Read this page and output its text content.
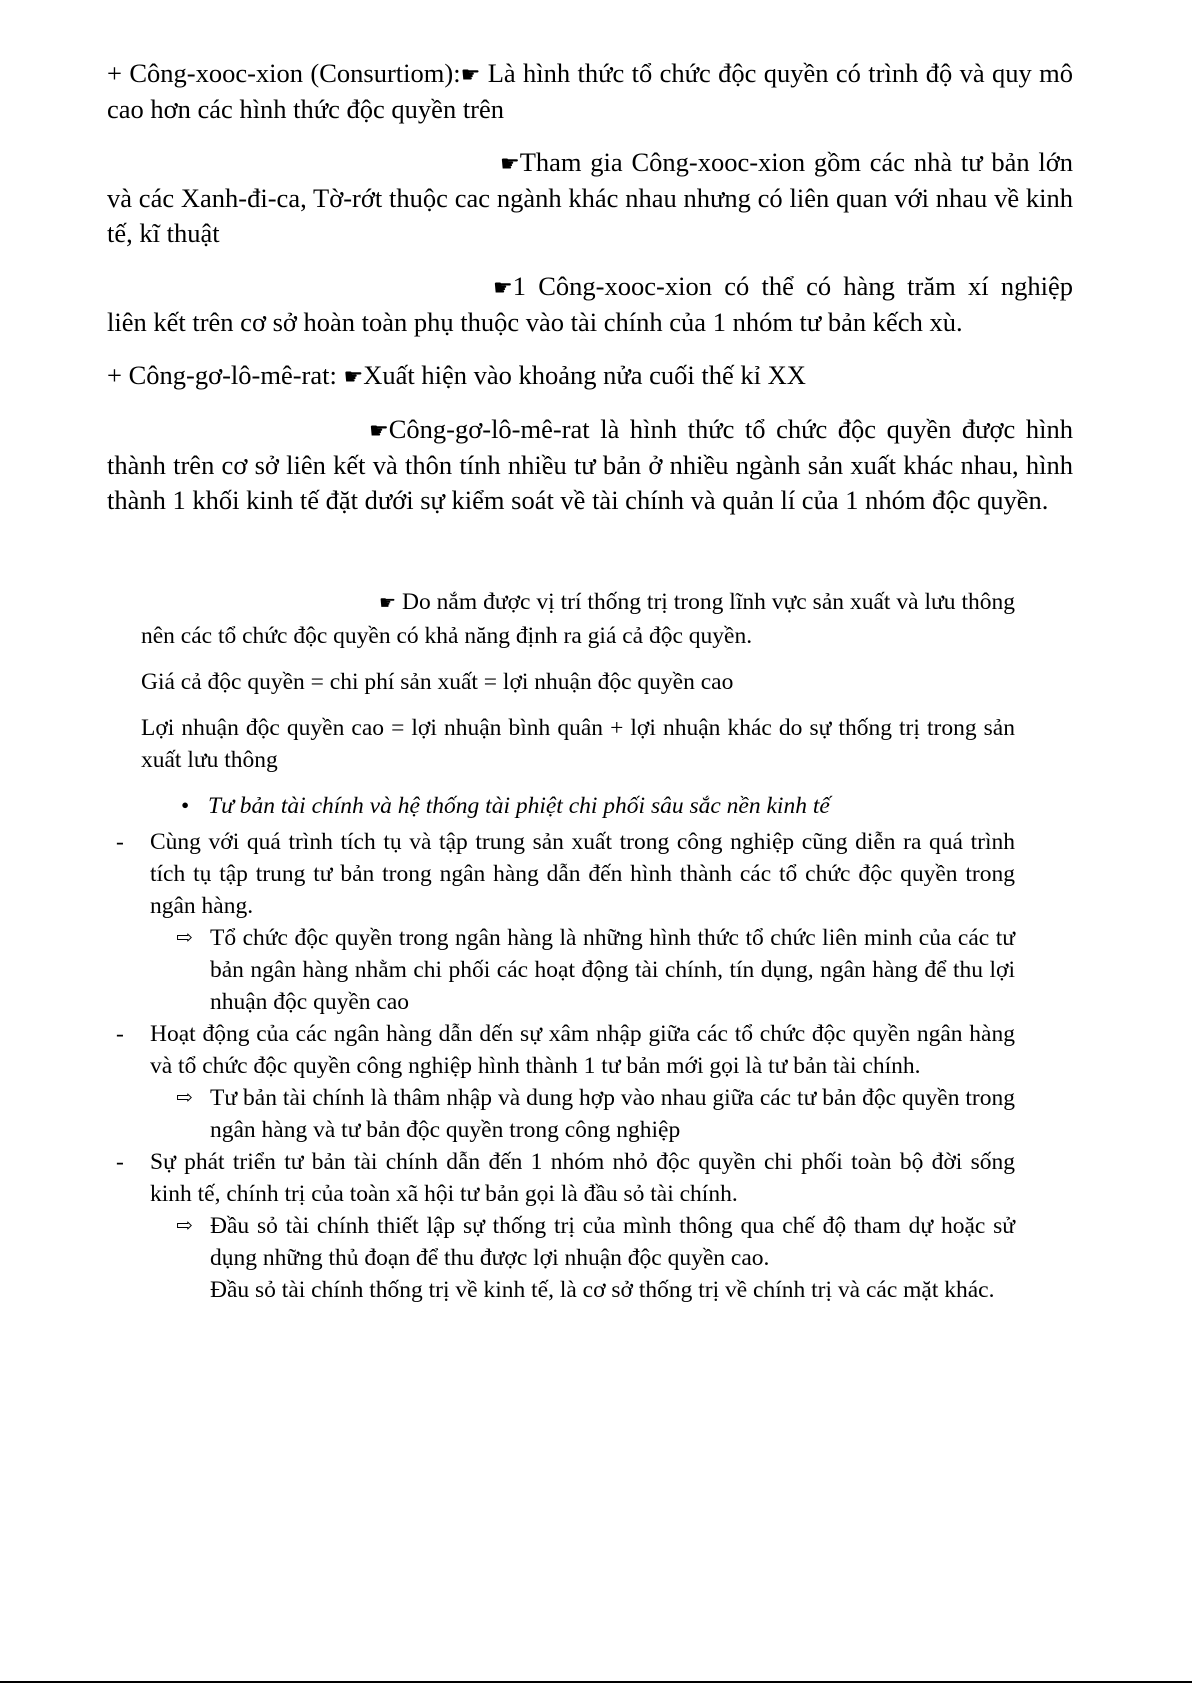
+ Công-xooc-xion (Consurtiom):☛ Là hình thức tổ chức độc quyền có trình độ và quy mô cao hơn các hình thức độc quyền trên

☛Tham gia Công-xooc-xion gồm các nhà tư bản lớn và các Xanh-đi-ca, Tờ-rớt thuộc cac ngành khác nhau nhưng có liên quan với nhau về kinh tế, kĩ thuật

☛1 Công-xooc-xion có thể có hàng trăm xí nghiệp liên kết trên cơ sở hoàn toàn phụ thuộc vào tài chính của 1 nhóm tư bản kếch xù.

+ Công-gơ-lô-mê-rat: ☛Xuất hiện vào khoảng nửa cuối thế kỉ XX

☛Công-gơ-lô-mê-rat là hình thức tổ chức độc quyền được hình thành trên cơ sở liên kết và thôn tính nhiều tư bản ở nhiều ngành sản xuất khác nhau, hình thành 1 khối kinh tế đặt dưới sự kiểm soát về tài chính và quản lí của 1 nhóm độc quyền.

☛ Do nắm được vị trí thống trị trong lĩnh vực sản xuất và lưu thông nên các tổ chức độc quyền có khả năng định ra giá cả độc quyền.

Giá cả độc quyền = chi phí sản xuất = lợi nhuận độc quyền cao

Lợi nhuận độc quyền cao = lợi nhuận bình quân + lợi nhuận khác do sự thống trị trong sản xuất lưu thông

• Tư bản tài chính và hệ thống tài phiệt chi phối sâu sắc nền kinh tế

- Cùng với quá trình tích tụ và tập trung sản xuất trong công nghiệp cũng diễn ra quá trình tích tụ tập trung tư bản trong ngân hàng dẫn đến hình thành các tổ chức độc quyền trong ngân hàng.

⇨ Tổ chức độc quyền trong ngân hàng là những hình thức tổ chức liên minh của các tư bản ngân hàng nhằm chi phối các hoạt động tài chính, tín dụng, ngân hàng để thu lợi nhuận độc quyền cao

- Hoạt động của các ngân hàng dẫn dến sự xâm nhập giữa các tổ chức độc quyền ngân hàng và tổ chức độc quyền công nghiệp hình thành 1 tư bản mới gọi là tư bản tài chính.

⇨ Tư bản tài chính là thâm nhập và dung hợp vào nhau giữa các tư bản độc quyền trong ngân hàng và tư bản độc quyền trong công nghiệp

- Sự phát triển tư bản tài chính dẫn đến 1 nhóm nhỏ độc quyền chi phối toàn bộ đời sống kinh tế, chính trị của toàn xã hội tư bản gọi là đầu sỏ tài chính.

⇨ Đầu sỏ tài chính thiết lập sự thống trị của mình thông qua chế độ tham dự hoặc sử dụng những thủ đoạn để thu được lợi nhuận độc quyền cao.

Đầu sỏ tài chính thống trị về kinh tế, là cơ sở thống trị về chính trị và các mặt khác.
